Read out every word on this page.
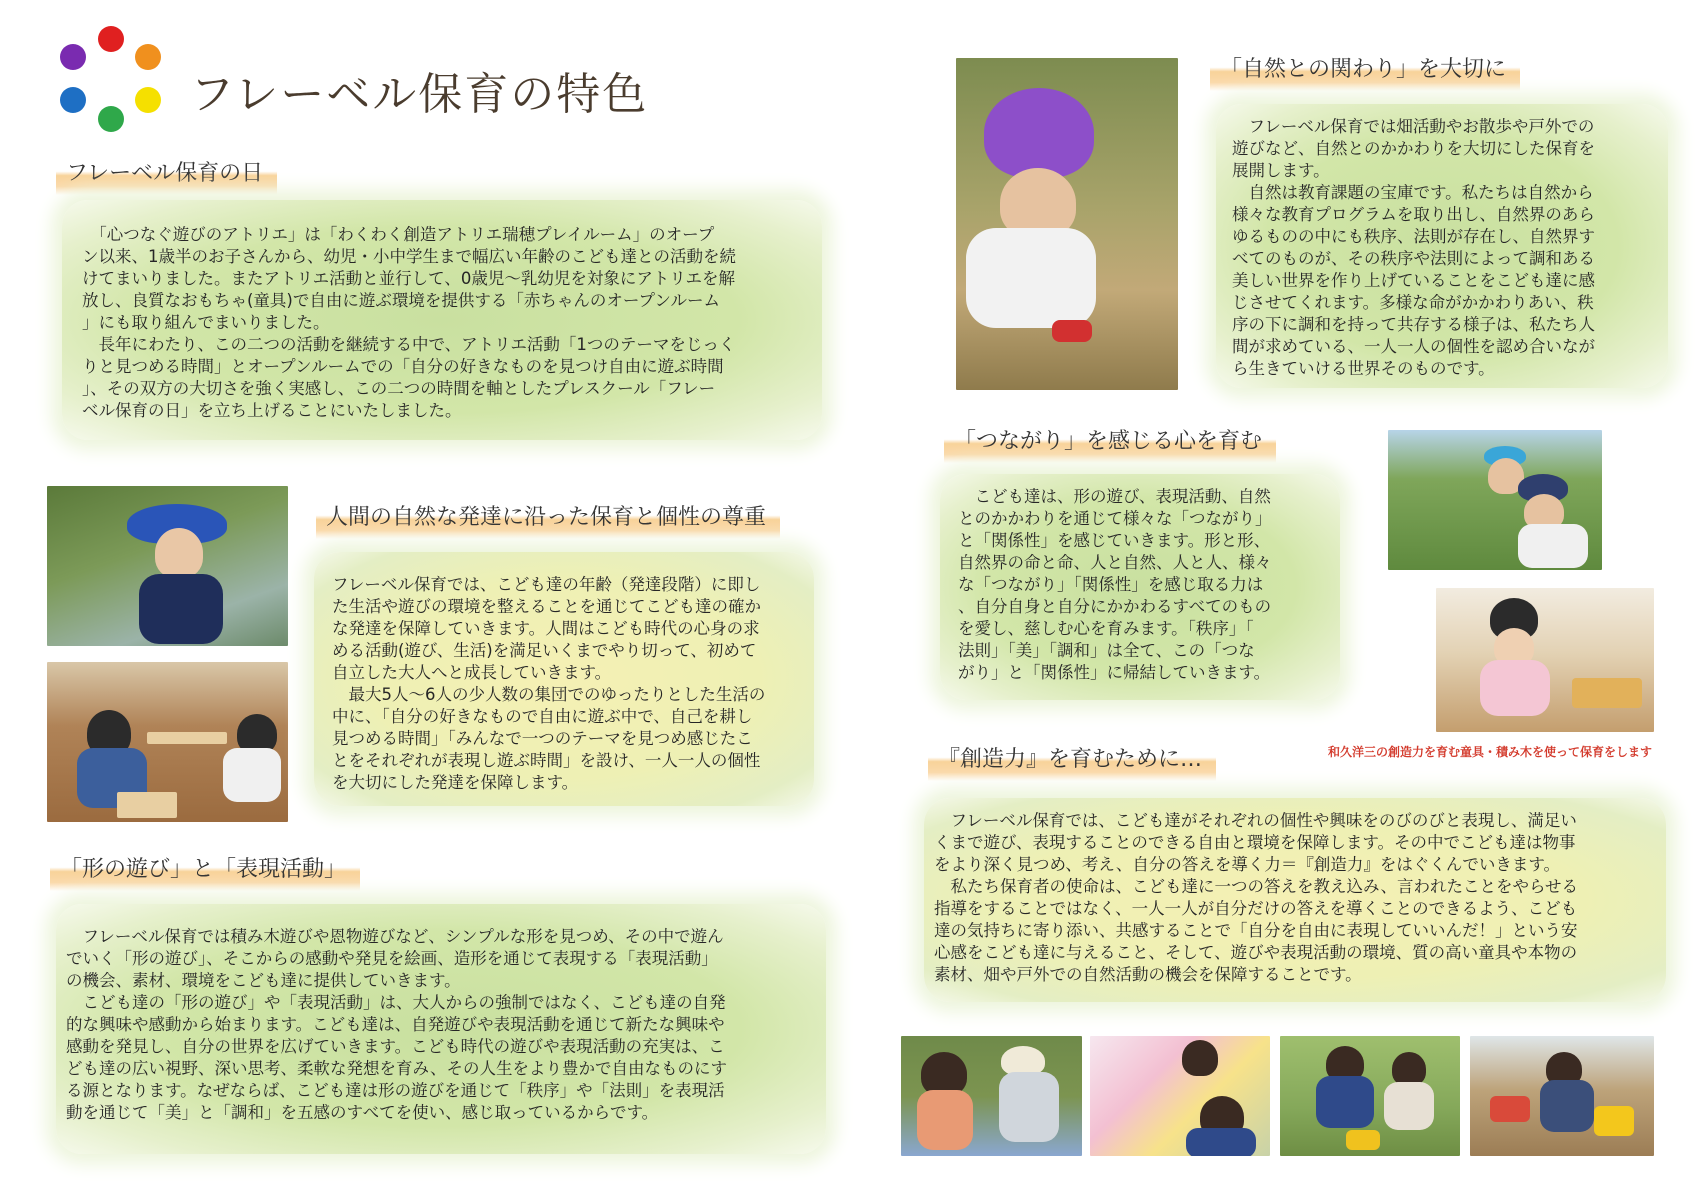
フレーベル保育の特色
フレーベル保育の日
　「心つなぐ遊びのアトリエ」は「わくわく創造アトリエ瑞穂プレイルーム」のオープ
ン以来、1歳半のお子さんから、幼児・小中学生まで幅広い年齢のこども達との活動を続
けてまいりました。またアトリエ活動と並行して、0歳児～乳幼児を対象にアトリエを解
放し、良質なおもちゃ(童具)で自由に遊ぶ環境を提供する「赤ちゃんのオープンルーム
」にも取り組んでまいりました。
　長年にわたり、この二つの活動を継続する中で、アトリエ活動「1つのテーマをじっく
りと見つめる時間」とオープンルームでの「自分の好きなものを見つけ自由に遊ぶ時間
」、その双方の大切さを強く実感し、この二つの時間を軸としたプレスクール「フレー
ベル保育の日」を立ち上げることにいたしました。
人間の自然な発達に沿った保育と個性の尊重
フレーベル保育では、こども達の年齢（発達段階）に即し
た生活や遊びの環境を整えることを通じてこども達の確か
な発達を保障していきます。人間はこども時代の心身の求
める活動(遊び、生活)を満足いくまでやり切って、初めて
自立した大人へと成長していきます。
　最大5人～6人の少人数の集団でのゆったりとした生活の
中に、「自分の好きなもので自由に遊ぶ中で、自己を耕し
見つめる時間」「みんなで一つのテーマを見つめ感じたこ
とをそれぞれが表現し遊ぶ時間」を設け、一人一人の個性
を大切にした発達を保障します。
「形の遊び」と「表現活動」
　フレーベル保育では積み木遊びや恩物遊びなど、シンプルな形を見つめ、その中で遊ん
でいく「形の遊び」、そこからの感動や発見を絵画、造形を通じて表現する「表現活動」
の機会、素材、環境をこども達に提供していきます。
　こども達の「形の遊び」や「表現活動」は、大人からの強制ではなく、こども達の自発
的な興味や感動から始まります。こども達は、自発遊びや表現活動を通じて新たな興味や
感動を発見し、自分の世界を広げていきます。こども時代の遊びや表現活動の充実は、こ
ども達の広い視野、深い思考、柔軟な発想を育み、その人生をより豊かで自由なものにす
る源となります。なぜならば、こども達は形の遊びを通じて「秩序」や「法則」を表現活
動を通じて「美」と「調和」を五感のすべてを使い、感じ取っているからです。
「自然との関わり」を大切に
　フレーベル保育では畑活動やお散歩や戸外での
遊びなど、自然とのかかわりを大切にした保育を
展開します。
　自然は教育課題の宝庫です。私たちは自然から
様々な教育プログラムを取り出し、自然界のあら
ゆるものの中にも秩序、法則が存在し、自然界す
べてのものが、その秩序や法則によって調和ある
美しい世界を作り上げていることをこども達に感
じさせてくれます。多様な命がかかわりあい、秩
序の下に調和を持って共存する様子は、私たち人
間が求めている、一人一人の個性を認め合いなが
ら生きていける世界そのものです。
「つながり」を感じる心を育む
　こども達は、形の遊び、表現活動、自然
とのかかわりを通じて様々な「つながり」
と「関係性」を感じていきます。形と形、
自然界の命と命、人と自然、人と人、様々
な「つながり」「関係性」を感じ取る力は
、自分自身と自分にかかわるすべてのもの
を愛し、慈しむ心を育みます。「秩序」「
法則」「美」「調和」は全て、この「つな
がり」と「関係性」に帰結していきます。
和久洋三の創造力を育む童具・積み木を使って保育をします
『創造力』を育むために…
　フレーベル保育では、こども達がそれぞれの個性や興味をのびのびと表現し、満足い
くまで遊び、表現することのできる自由と環境を保障します。その中でこども達は物事
をより深く見つめ、考え、自分の答えを導く力＝『創造力』をはぐくんでいきます。
　私たち保育者の使命は、こども達に一つの答えを教え込み、言われたことをやらせる
指導をすることではなく、一人一人が自分だけの答えを導くことのできるよう、こども
達の気持ちに寄り添い、共感することで「自分を自由に表現していいんだ！」という安
心感をこども達に与えること、そして、遊びや表現活動の環境、質の高い童具や本物の
素材、畑や戸外での自然活動の機会を保障することです。
